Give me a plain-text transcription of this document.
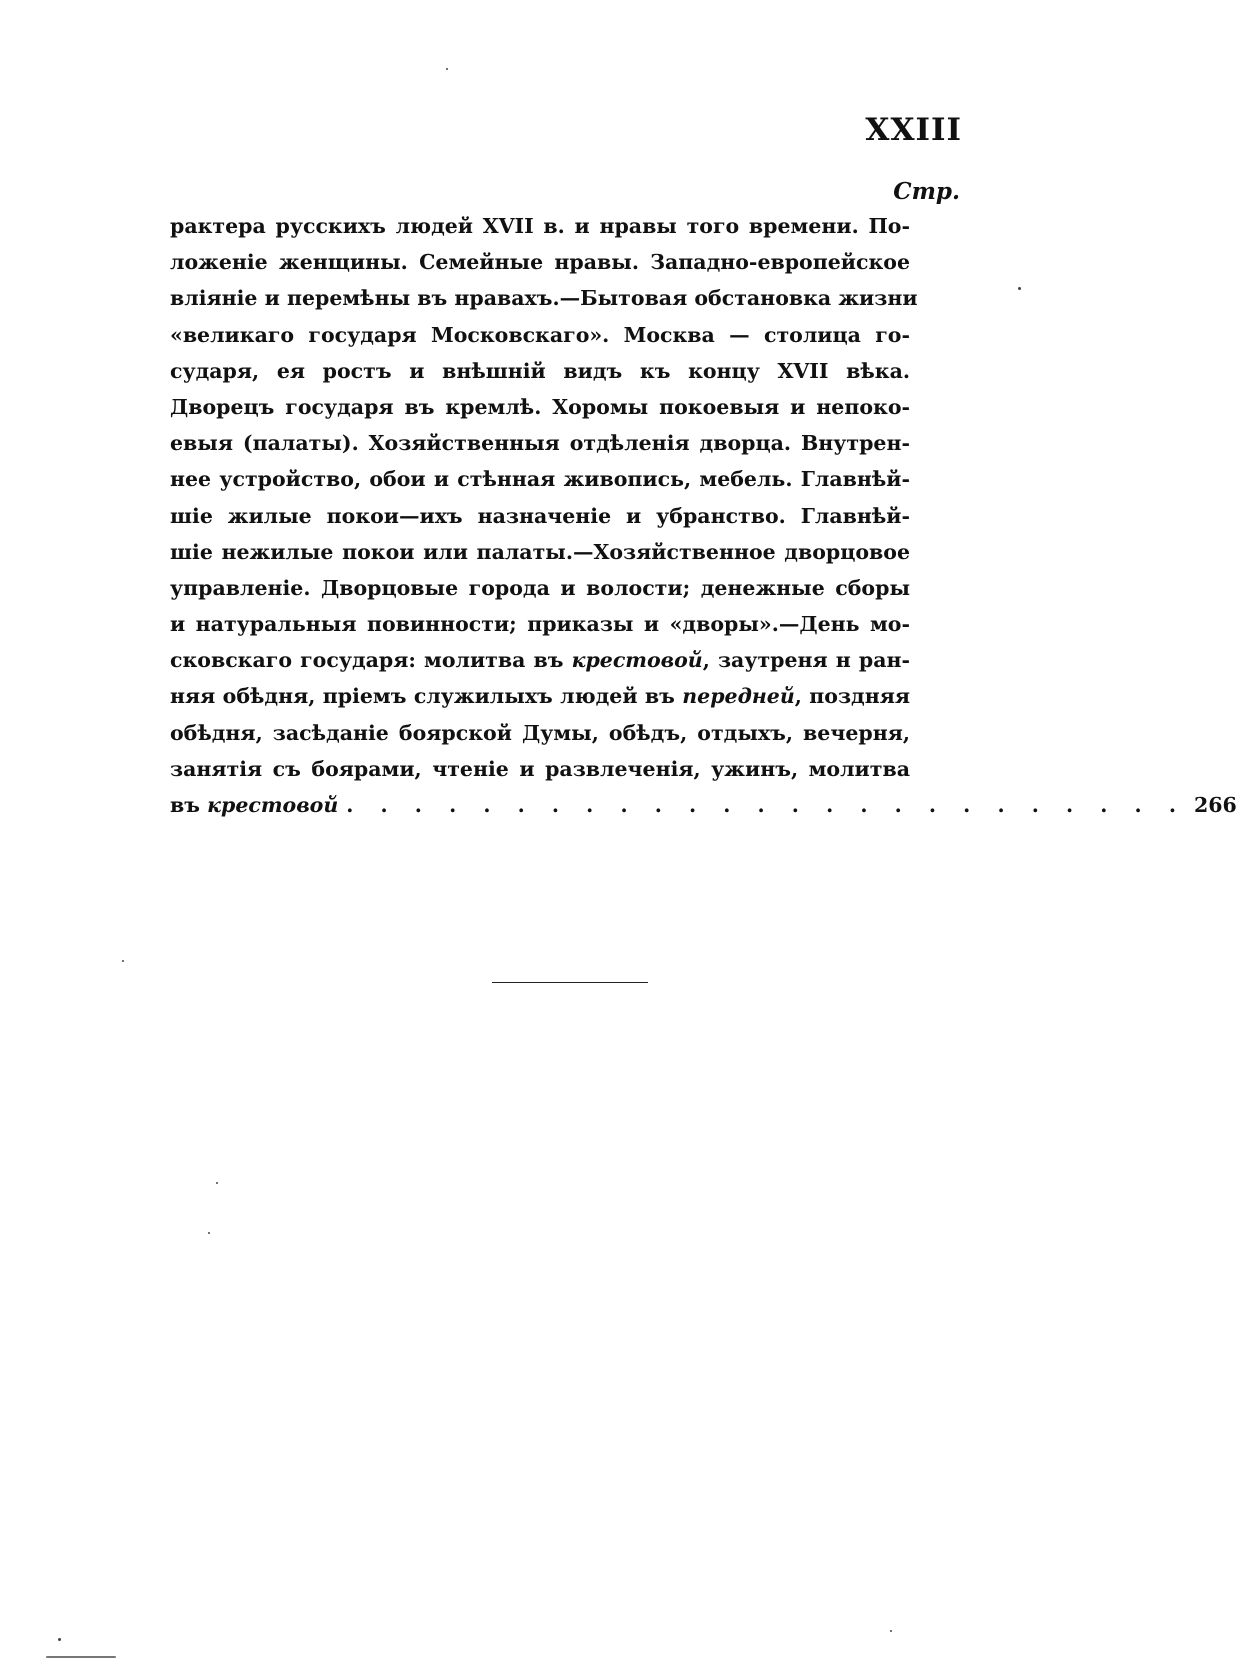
XXIII
Стр.
рактера русскихъ людей XVII в. и нравы того времени. По-
ложеніе женщины. Семейные нравы. Западно-европейское
вліяніе и перемѣны въ нравахъ.—Бытовая обстановка жизни
«великаго государя Московскаго». Москва — столица го-
сударя, ея ростъ и внѣшній видъ къ концу XVII вѣка.
Дворецъ государя въ кремлѣ. Хоромы покоевыя и непоко-
евыя (палаты). Хозяйственныя отдѣленія дворца. Внутрен-
нее устройство, обои и стѣнная живопись, мебель. Главнѣй-
шіе жилые покои—ихъ назначеніе и убранство. Главнѣй-
шіе нежилые покои или палаты.—Хозяйственное дворцовое
управленіе. Дворцовые города и волости; денежные сборы
и натуральныя повинности; приказы и «дворы».—День мо-
сковскаго государя: молитва въ крестовой, заутреня н ран-
няя обѣдня, пріемъ служилыхъ людей въ передней, поздняя
обѣдня, засѣданіе боярской Думы, обѣдъ, отдыхъ, вечерня,
занятія съ боярами, чтеніе и развлеченія, ужинъ, молитва
въ крестовой . . . . . . . . . . . . . . . . . . . . . . . . . 266
